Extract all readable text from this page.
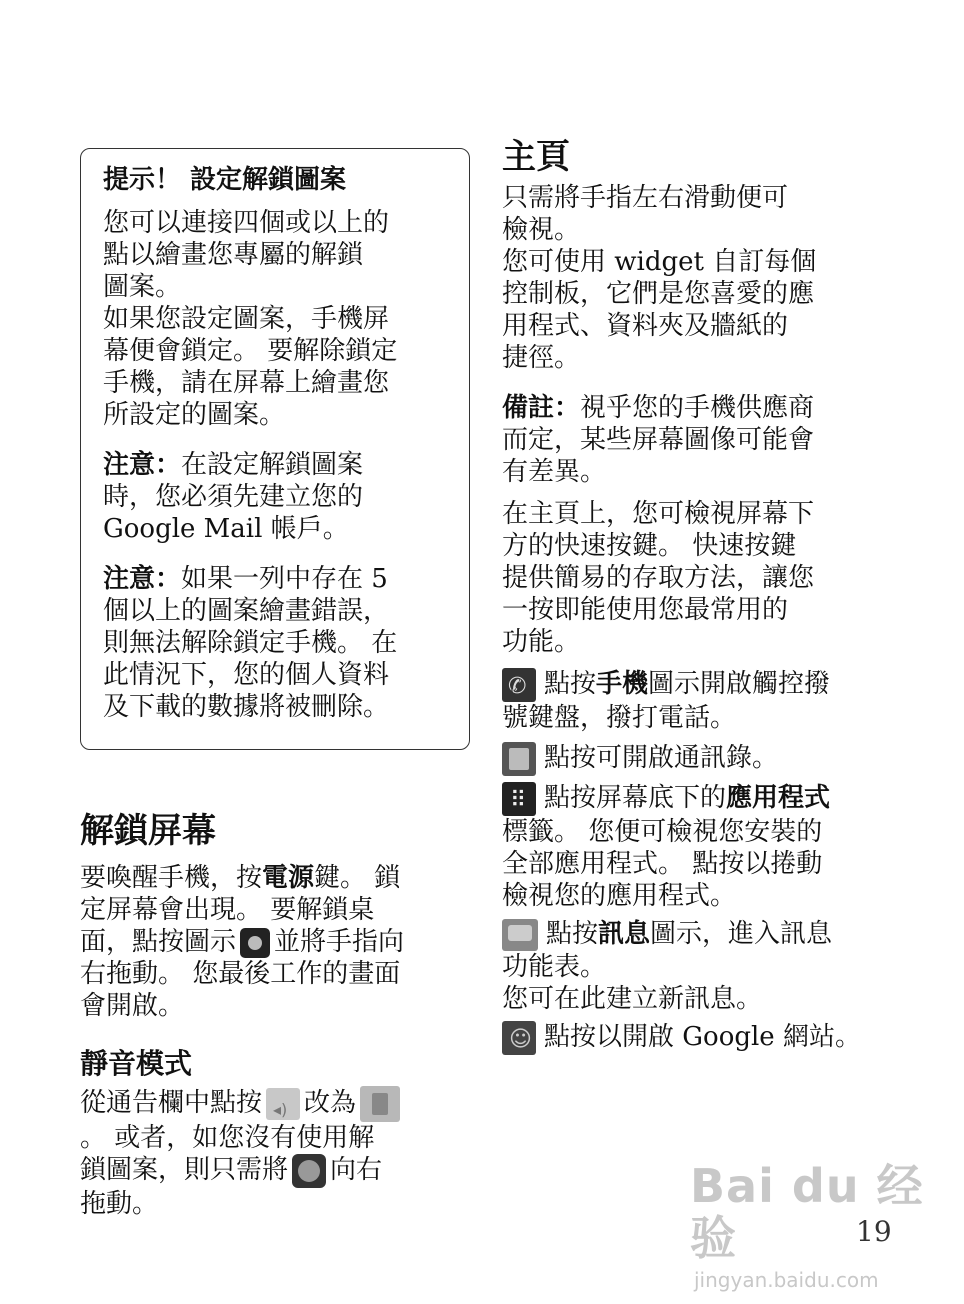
提示！ 設定解鎖圖案

您可以連接四個或以上的

點以繪畫您專屬的解鎖

圖案。

如果您設定圖案，手機屏

幕便會鎖定。 要解除鎖定

手機，請在屏幕上繪畫您

所設定的圖案。

注意：在設定解鎖圖案

時，您必須先建立您的

Google Mail 帳戶。

注意：如果一列中存在 5

個以上的圖案繪畫錯誤，

則無法解除鎖定手機。 在

此情況下，您的個人資料

及下載的數據將被刪除。

解鎖屏幕

要喚醒手機，按電源鍵。 鎖

定屏幕會出現。 要解鎖桌

面，點按圖示 並將手指向

右拖動。 您最後工作的畫面

會開啟。

靜音模式

從通告欄中點按◂) 改為

。 或者，如您沒有使用解

鎖圖案，則只需將 向右

拖動。

主頁

只需將手指左右滑動便可

檢視。

您可使用 widget 自訂每個

控制板，它們是您喜愛的應

用程式、資料夾及牆紙的

捷徑。

備註：視乎您的手機供應商

而定，某些屏幕圖像可能會

有差異。

在主頁上，您可檢視屏幕下

方的快速按鍵。 快速按鍵

提供簡易的存取方法，讓您

一按即能使用您最常用的

功能。

✆點按手機圖示開啟觸控撥

號鍵盤，撥打電話。

點按可開啟通訊錄。

⠿點按屏幕底下的應用程式

標籤。 您便可檢視您安裝的

全部應用程式。 點按以捲動

檢視您的應用程式。

點按訊息圖示，進入訊息

功能表。

您可在此建立新訊息。

☺點按以開啟 Google 網站。

Bai du 经验
jingyan.baidu.com
19
